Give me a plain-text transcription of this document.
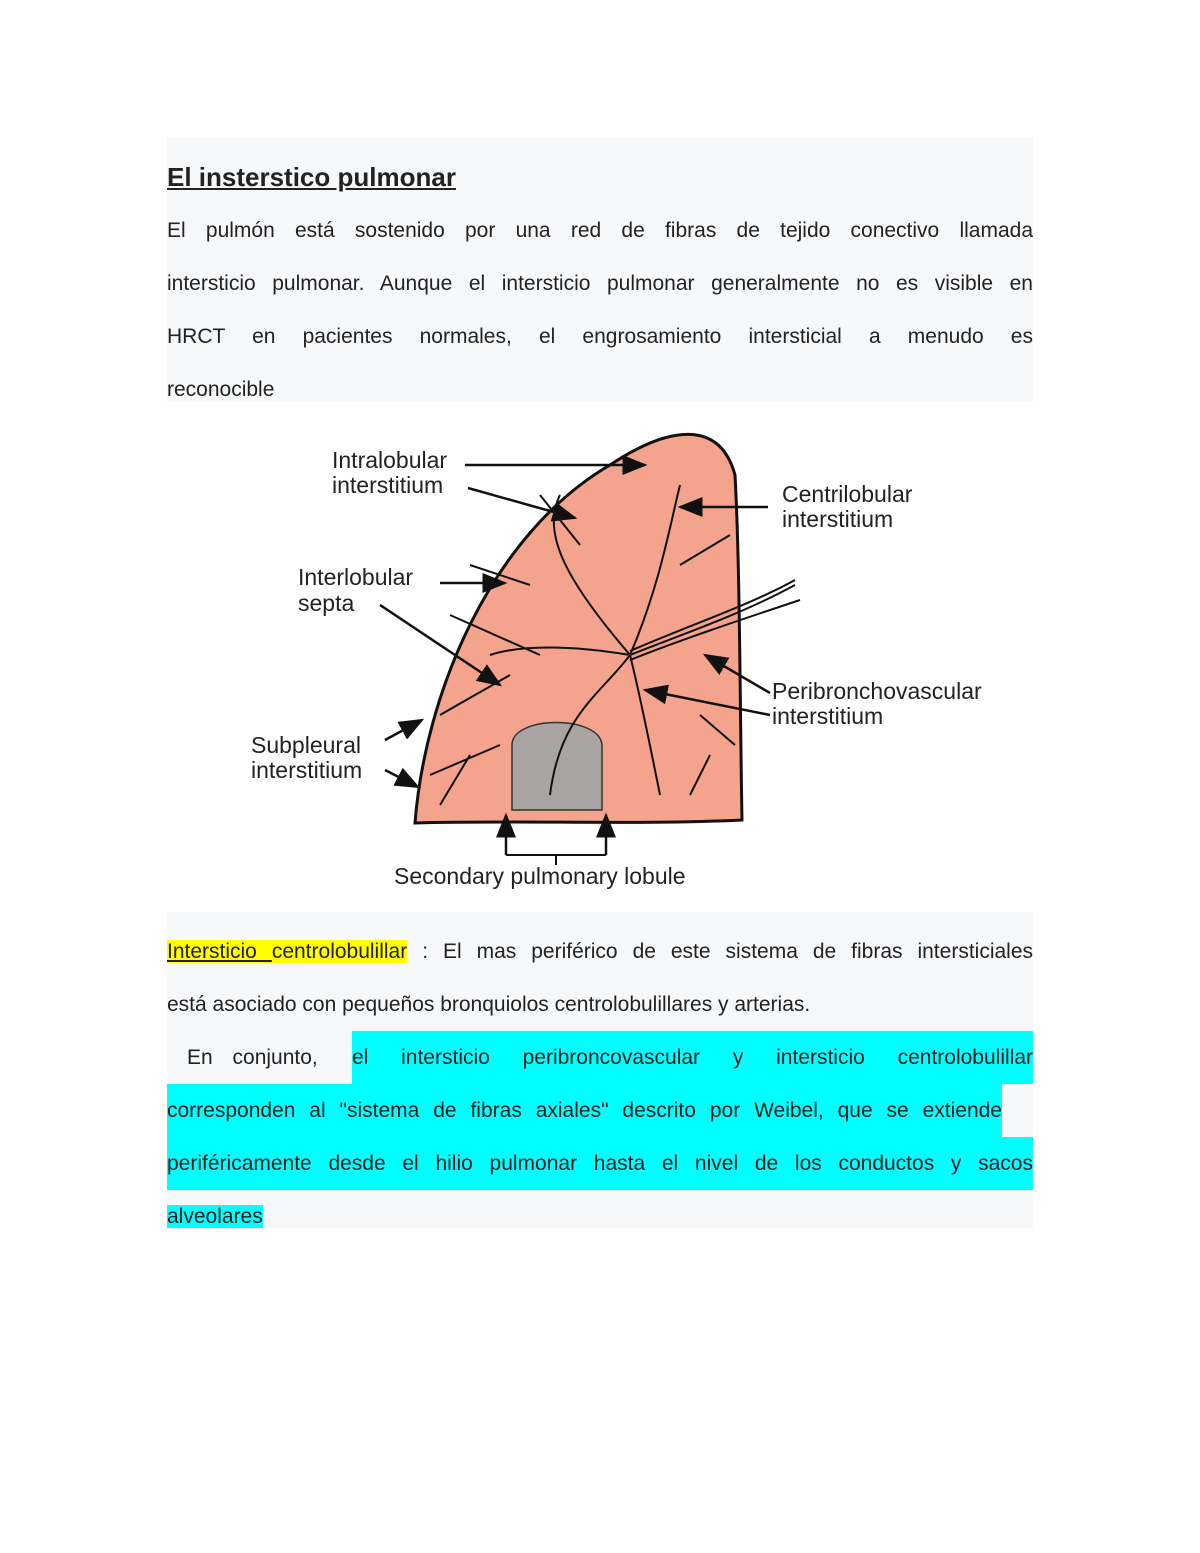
El insterstico pulmonar
El pulmón está sostenido por una red de fibras de tejido conectivo llamada
intersticio pulmonar. Aunque el intersticio pulmonar generalmente no es visible en
HRCT en pacientes normales, el engrosamiento intersticial a menudo es
reconocible
Intralobular
interstitium	Centrilobular
interstitium
Interlobular
septa
Peribronchovascular
interstitium
Subpleural
interstitium
Secondary pulmonary lobule
Intersticio centrolobulillar : El mas periférico de este sistema de fibras intersticiales
está asociado con pequeños bronquiolos centrolobulillares y arterias.
En conjunto, el intersticio peribroncovascular y intersticio centrolobulillar
corresponden al "sistema de fibras axiales" descrito por Weibel, que se extiende
periféricamente desde el hilio pulmonar hasta el nivel de los conductos y sacos
alveolares
